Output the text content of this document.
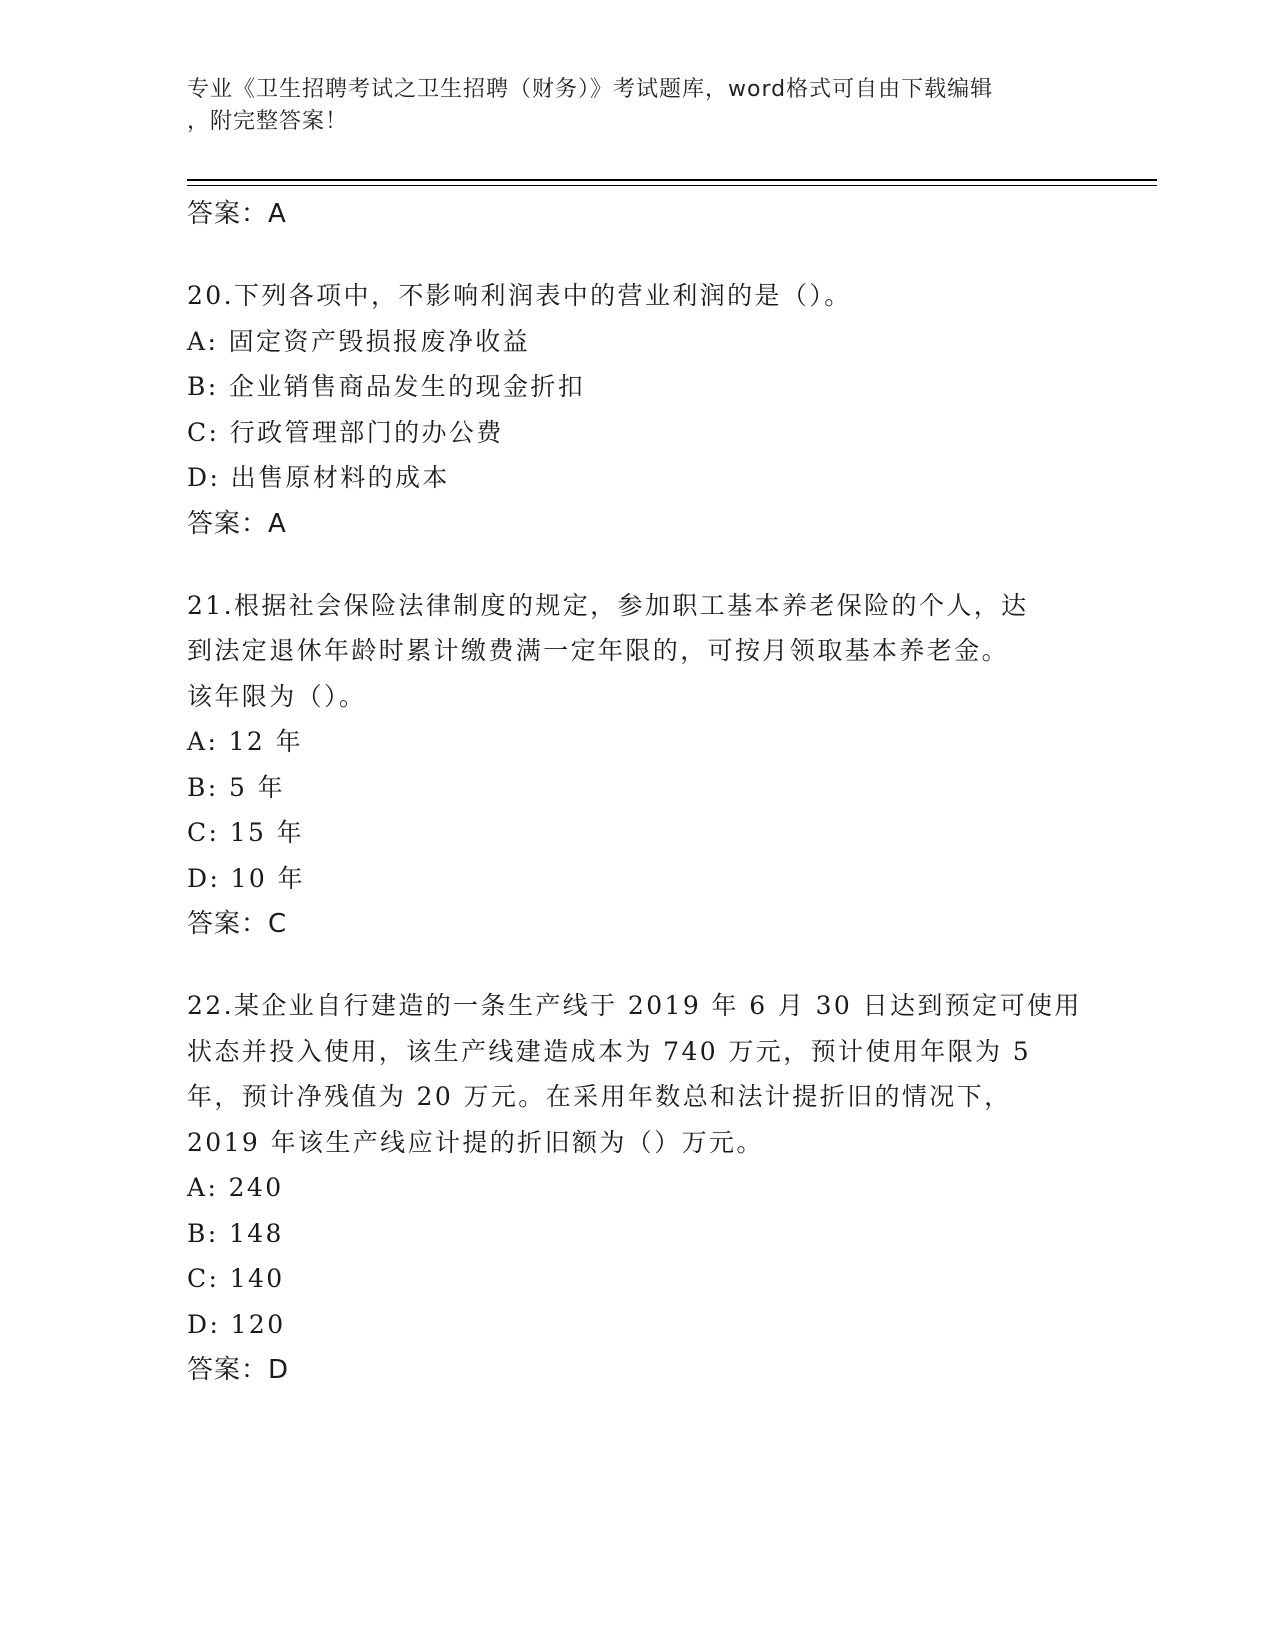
专业《卫生招聘考试之卫生招聘（财务）》考试题库，word格式可自由下载编辑
，附完整答案！
答案：A
20.下列各项中，不影响利润表中的营业利润的是（）。
A: 固定资产毁损报废净收益
B: 企业销售商品发生的现金折扣
C: 行政管理部门的办公费
D: 出售原材料的成本
答案：A
21.根据社会保险法律制度的规定，参加职工基本养老保险的个人，达
到法定退休年龄时累计缴费满一定年限的，可按月领取基本养老金。
该年限为（）。
A: 12 年
B: 5 年
C: 15 年
D: 10 年
答案：C
22.某企业自行建造的一条生产线于 2019 年 6 月 30 日达到预定可使用
状态并投入使用，该生产线建造成本为 740 万元，预计使用年限为 5
年，预计净残值为 20 万元。在采用年数总和法计提折旧的情况下，
2019 年该生产线应计提的折旧额为（）万元。
A: 240
B: 148
C: 140
D: 120
答案：D
